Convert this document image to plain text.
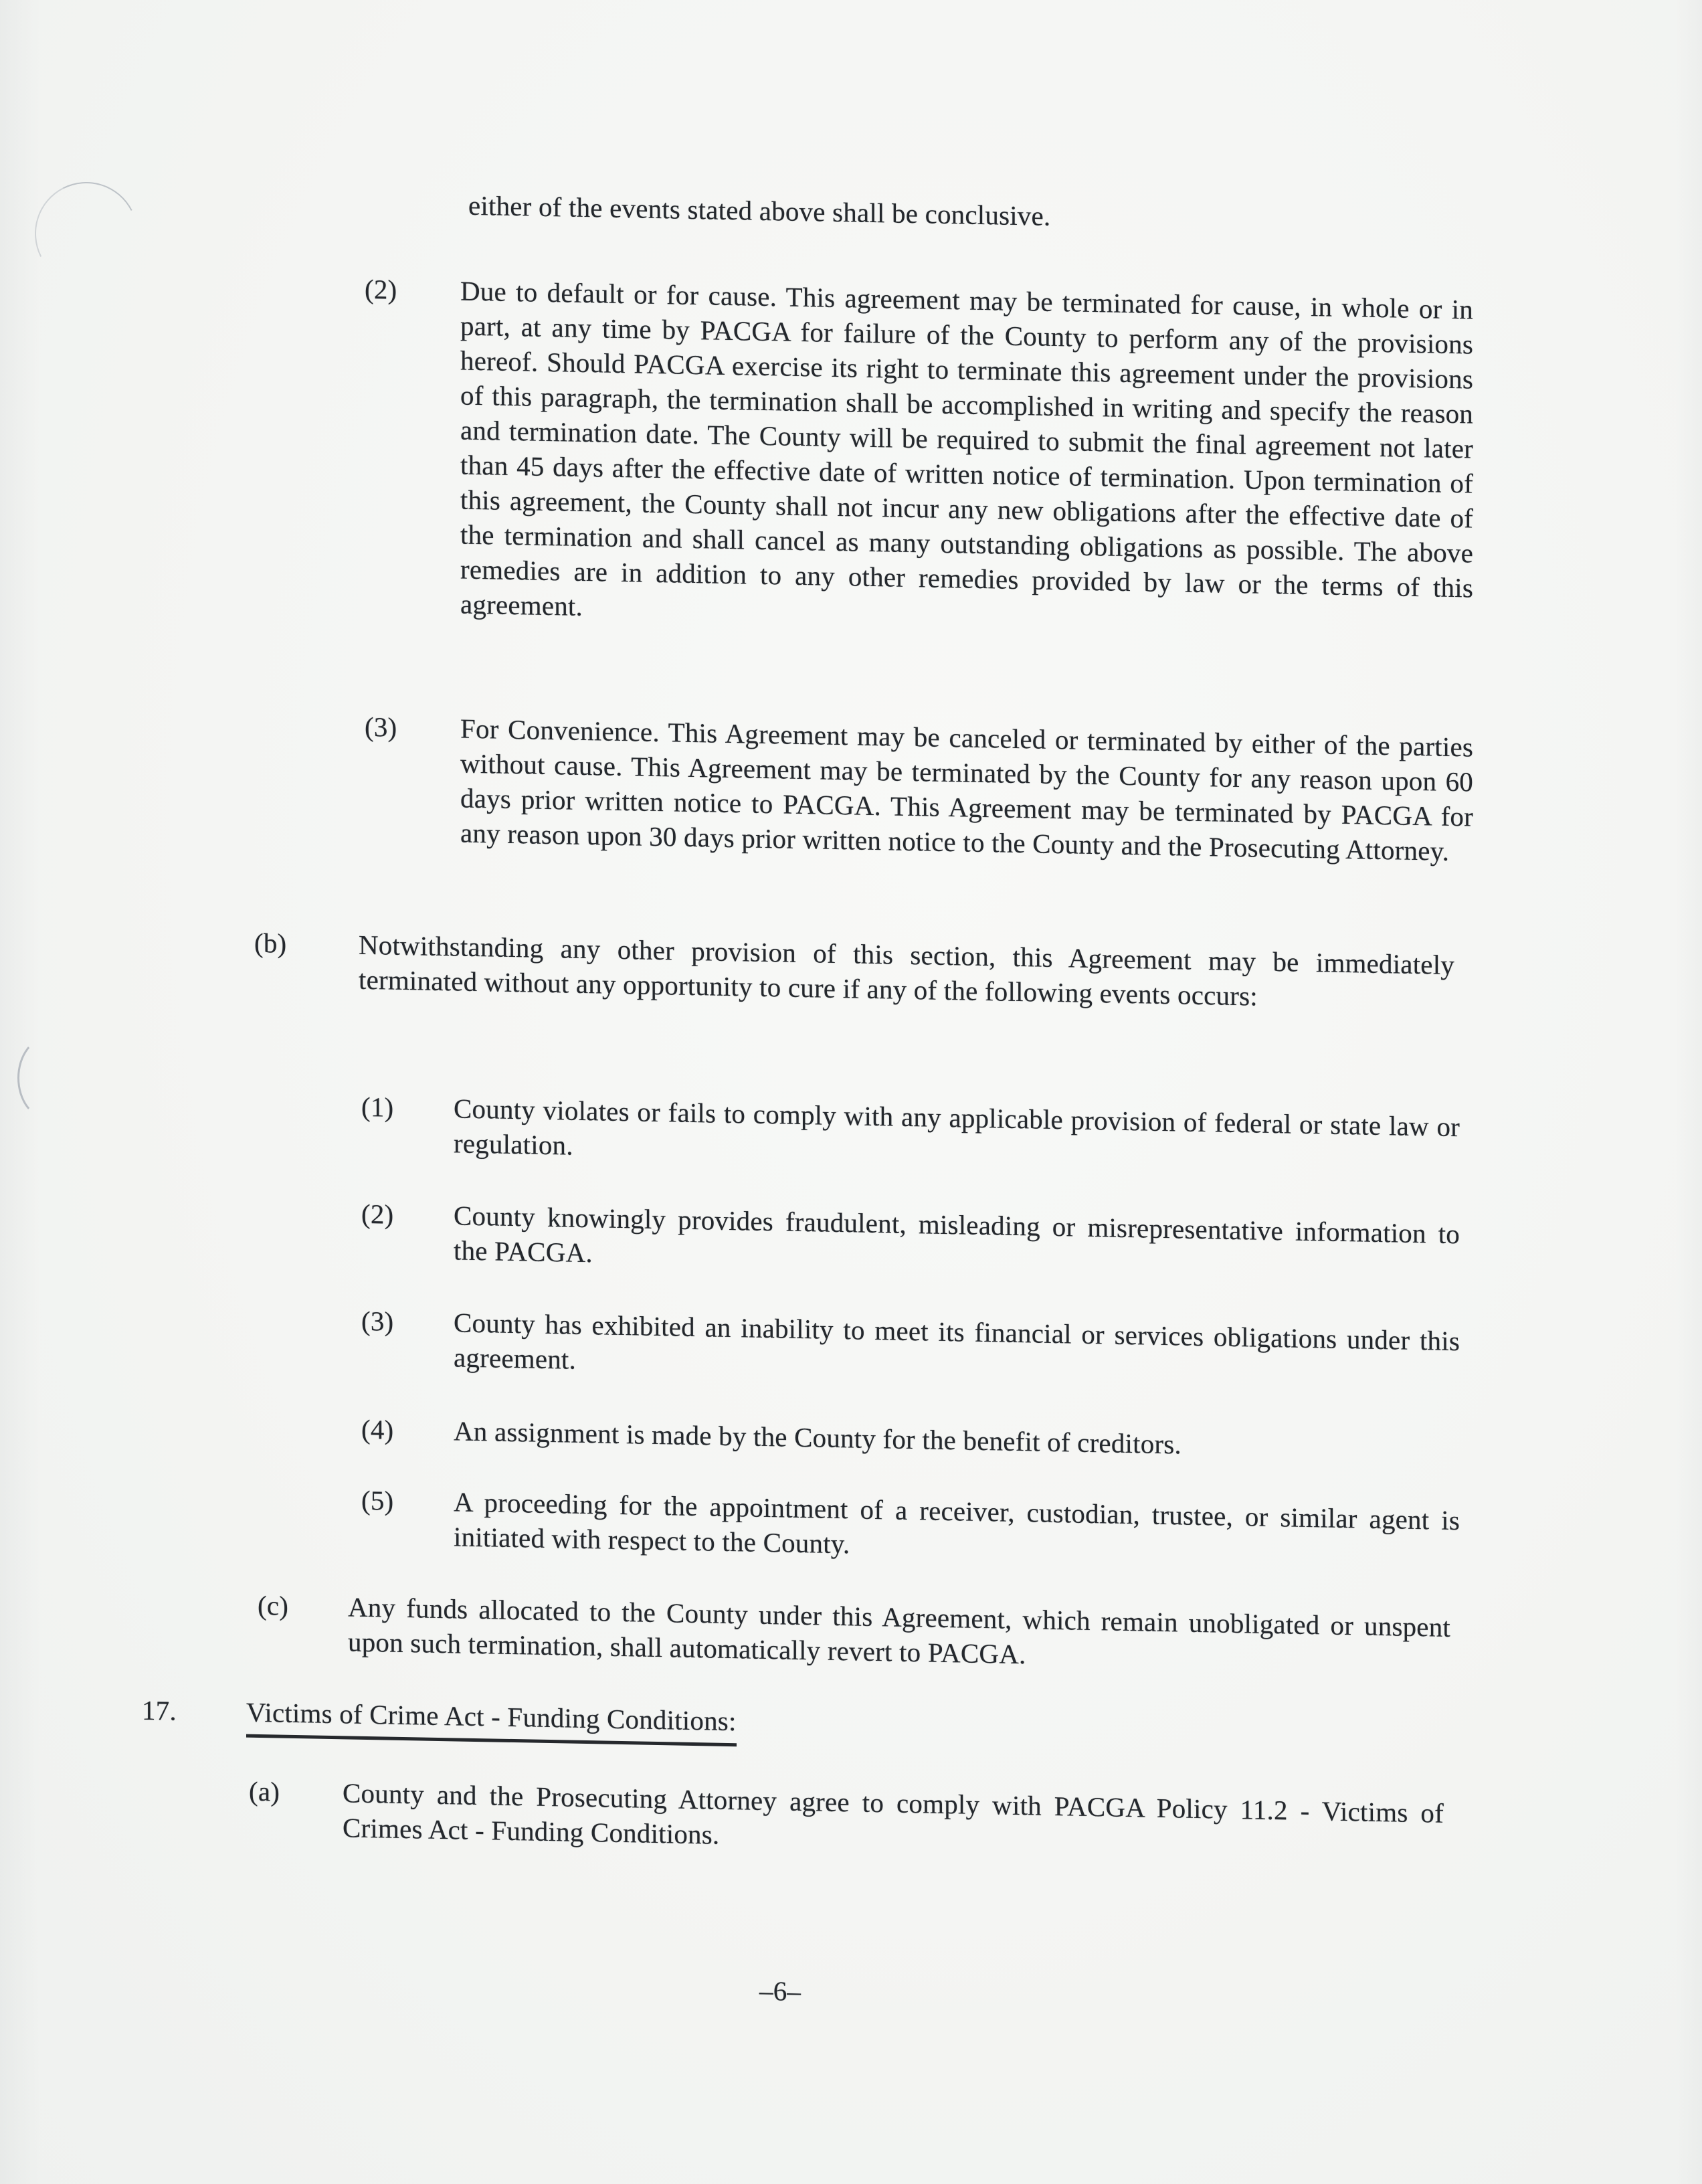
either of the events stated above shall be conclusive.
(2)	Due to default or for cause. This agreement may be terminated for cause, in whole or in part, at any time by PACGA for failure of the County to perform any of the provisions hereof. Should PACGA exercise its right to terminate this agreement under the provisions of this paragraph, the termination shall be accomplished in writing and specify the reason and termination date. The County will be required to submit the final agreement not later than 45 days after the effective date of written notice of termination. Upon termination of this agreement, the County shall not incur any new obligations after the effective date of the termination and shall cancel as many outstanding obligations as possible. The above remedies are in addition to any other remedies provided by law or the terms of this agreement.
(3)	For Convenience. This Agreement may be canceled or terminated by either of the parties without cause. This Agreement may be terminated by the County for any reason upon 60 days prior written notice to PACGA. This Agreement may be terminated by PACGA for any reason upon 30 days prior written notice to the County and the Prosecuting Attorney.
(b)	Notwithstanding any other provision of this section, this Agreement may be immediately terminated without any opportunity to cure if any of the following events occurs:
(1)	County violates or fails to comply with any applicable provision of federal or state law or regulation.
(2)	County knowingly provides fraudulent, misleading or misrepresentative information to the PACGA.
(3)	County has exhibited an inability to meet its financial or services obligations under this agreement.
(4)	An assignment is made by the County for the benefit of creditors.
(5)	A proceeding for the appointment of a receiver, custodian, trustee, or similar agent is initiated with respect to the County.
(c)	Any funds allocated to the County under this Agreement, which remain unobligated or unspent upon such termination, shall automatically revert to PACGA.
17.	Victims of Crime Act - Funding Conditions:
(a)	County and the Prosecuting Attorney agree to comply with PACGA Policy 11.2 - Victims of Crimes Act - Funding Conditions.
–6–
